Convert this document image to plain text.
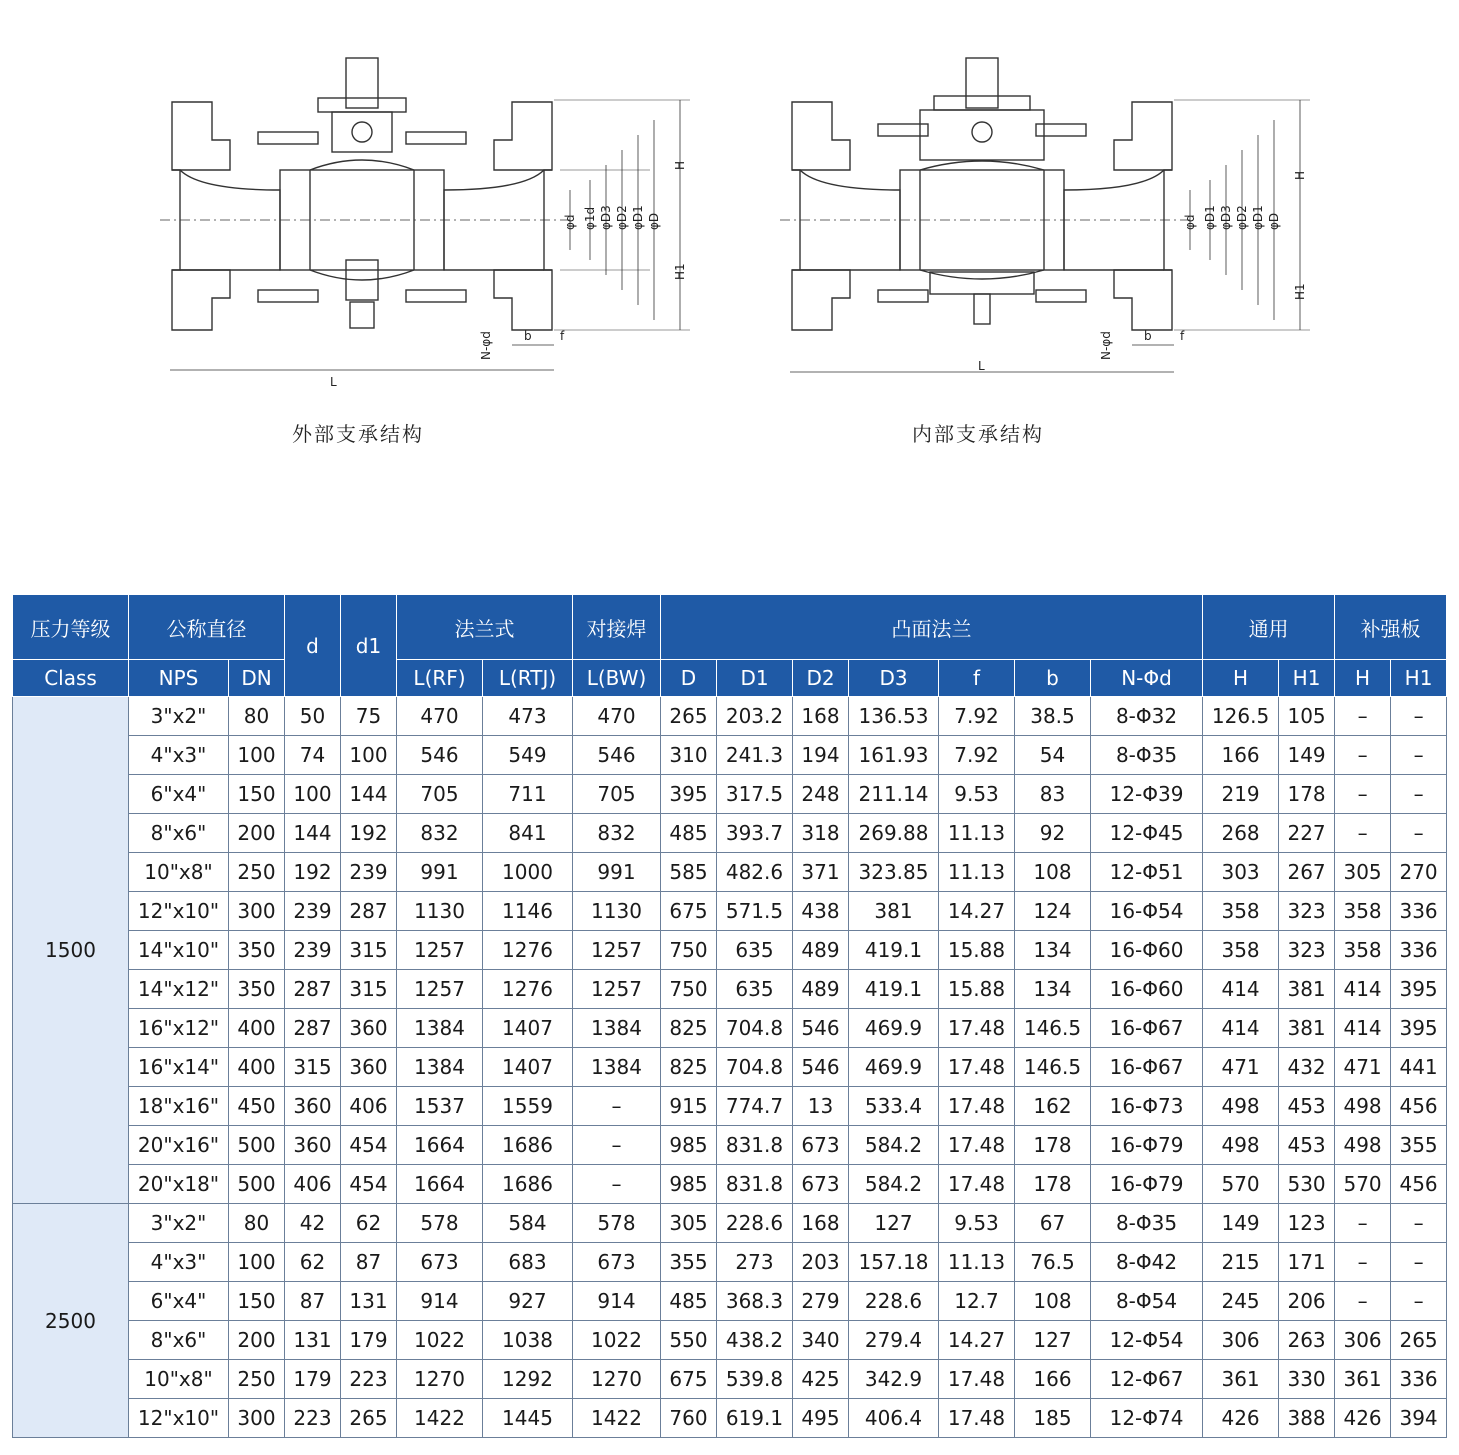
L
b f
H
H1
φd φ1d φD3 φD2 φD1 φD
N-φd
L
b f
H
H1
φd φD1 φD3 φD2 φD1 φD
N-φd
外部支承结构	内部支承结构
压力等级	公称直径		d	d1	法兰式		对接焊	凸面法兰							通用		补强板	
Class	NPS	DN			L(RF)	L(RTJ)	L(BW)	D	D1	D2	D3	f	b	N-Φd	H	H1	H	H1
1500	3"x2"	80	50	75	470	473	470	265	203.2	168	136.53	7.92	38.5	8-Φ32	126.5	105	–	–
	4"x3"	100	74	100	546	549	546	310	241.3	194	161.93	7.92	54	8-Φ35	166	149	–	–
	6"x4"	150	100	144	705	711	705	395	317.5	248	211.14	9.53	83	12-Φ39	219	178	–	–
	8"x6"	200	144	192	832	841	832	485	393.7	318	269.88	11.13	92	12-Φ45	268	227	–	–
	10"x8"	250	192	239	991	1000	991	585	482.6	371	323.85	11.13	108	12-Φ51	303	267	305	270
	12"x10"	300	239	287	1130	1146	1130	675	571.5	438	381	14.27	124	16-Φ54	358	323	358	336
	14"x10"	350	239	315	1257	1276	1257	750	635	489	419.1	15.88	134	16-Φ60	358	323	358	336
	14"x12"	350	287	315	1257	1276	1257	750	635	489	419.1	15.88	134	16-Φ60	414	381	414	395
	16"x12"	400	287	360	1384	1407	1384	825	704.8	546	469.9	17.48	146.5	16-Φ67	414	381	414	395
	16"x14"	400	315	360	1384	1407	1384	825	704.8	546	469.9	17.48	146.5	16-Φ67	471	432	471	441
	18"x16"	450	360	406	1537	1559	–	915	774.7	13	533.4	17.48	162	16-Φ73	498	453	498	456
	20"x16"	500	360	454	1664	1686	–	985	831.8	673	584.2	17.48	178	16-Φ79	498	453	498	355
	20"x18"	500	406	454	1664	1686	–	985	831.8	673	584.2	17.48	178	16-Φ79	570	530	570	456
2500	3"x2"	80	42	62	578	584	578	305	228.6	168	127	9.53	67	8-Φ35	149	123	–	–
	4"x3"	100	62	87	673	683	673	355	273	203	157.18	11.13	76.5	8-Φ42	215	171	–	–
	6"x4"	150	87	131	914	927	914	485	368.3	279	228.6	12.7	108	8-Φ54	245	206	–	–
	8"x6"	200	131	179	1022	1038	1022	550	438.2	340	279.4	14.27	127	12-Φ54	306	263	306	265
	10"x8"	250	179	223	1270	1292	1270	675	539.8	425	342.9	17.48	166	12-Φ67	361	330	361	336
	12"x10"	300	223	265	1422	1445	1422	760	619.1	495	406.4	17.48	185	12-Φ74	426	388	426	394
